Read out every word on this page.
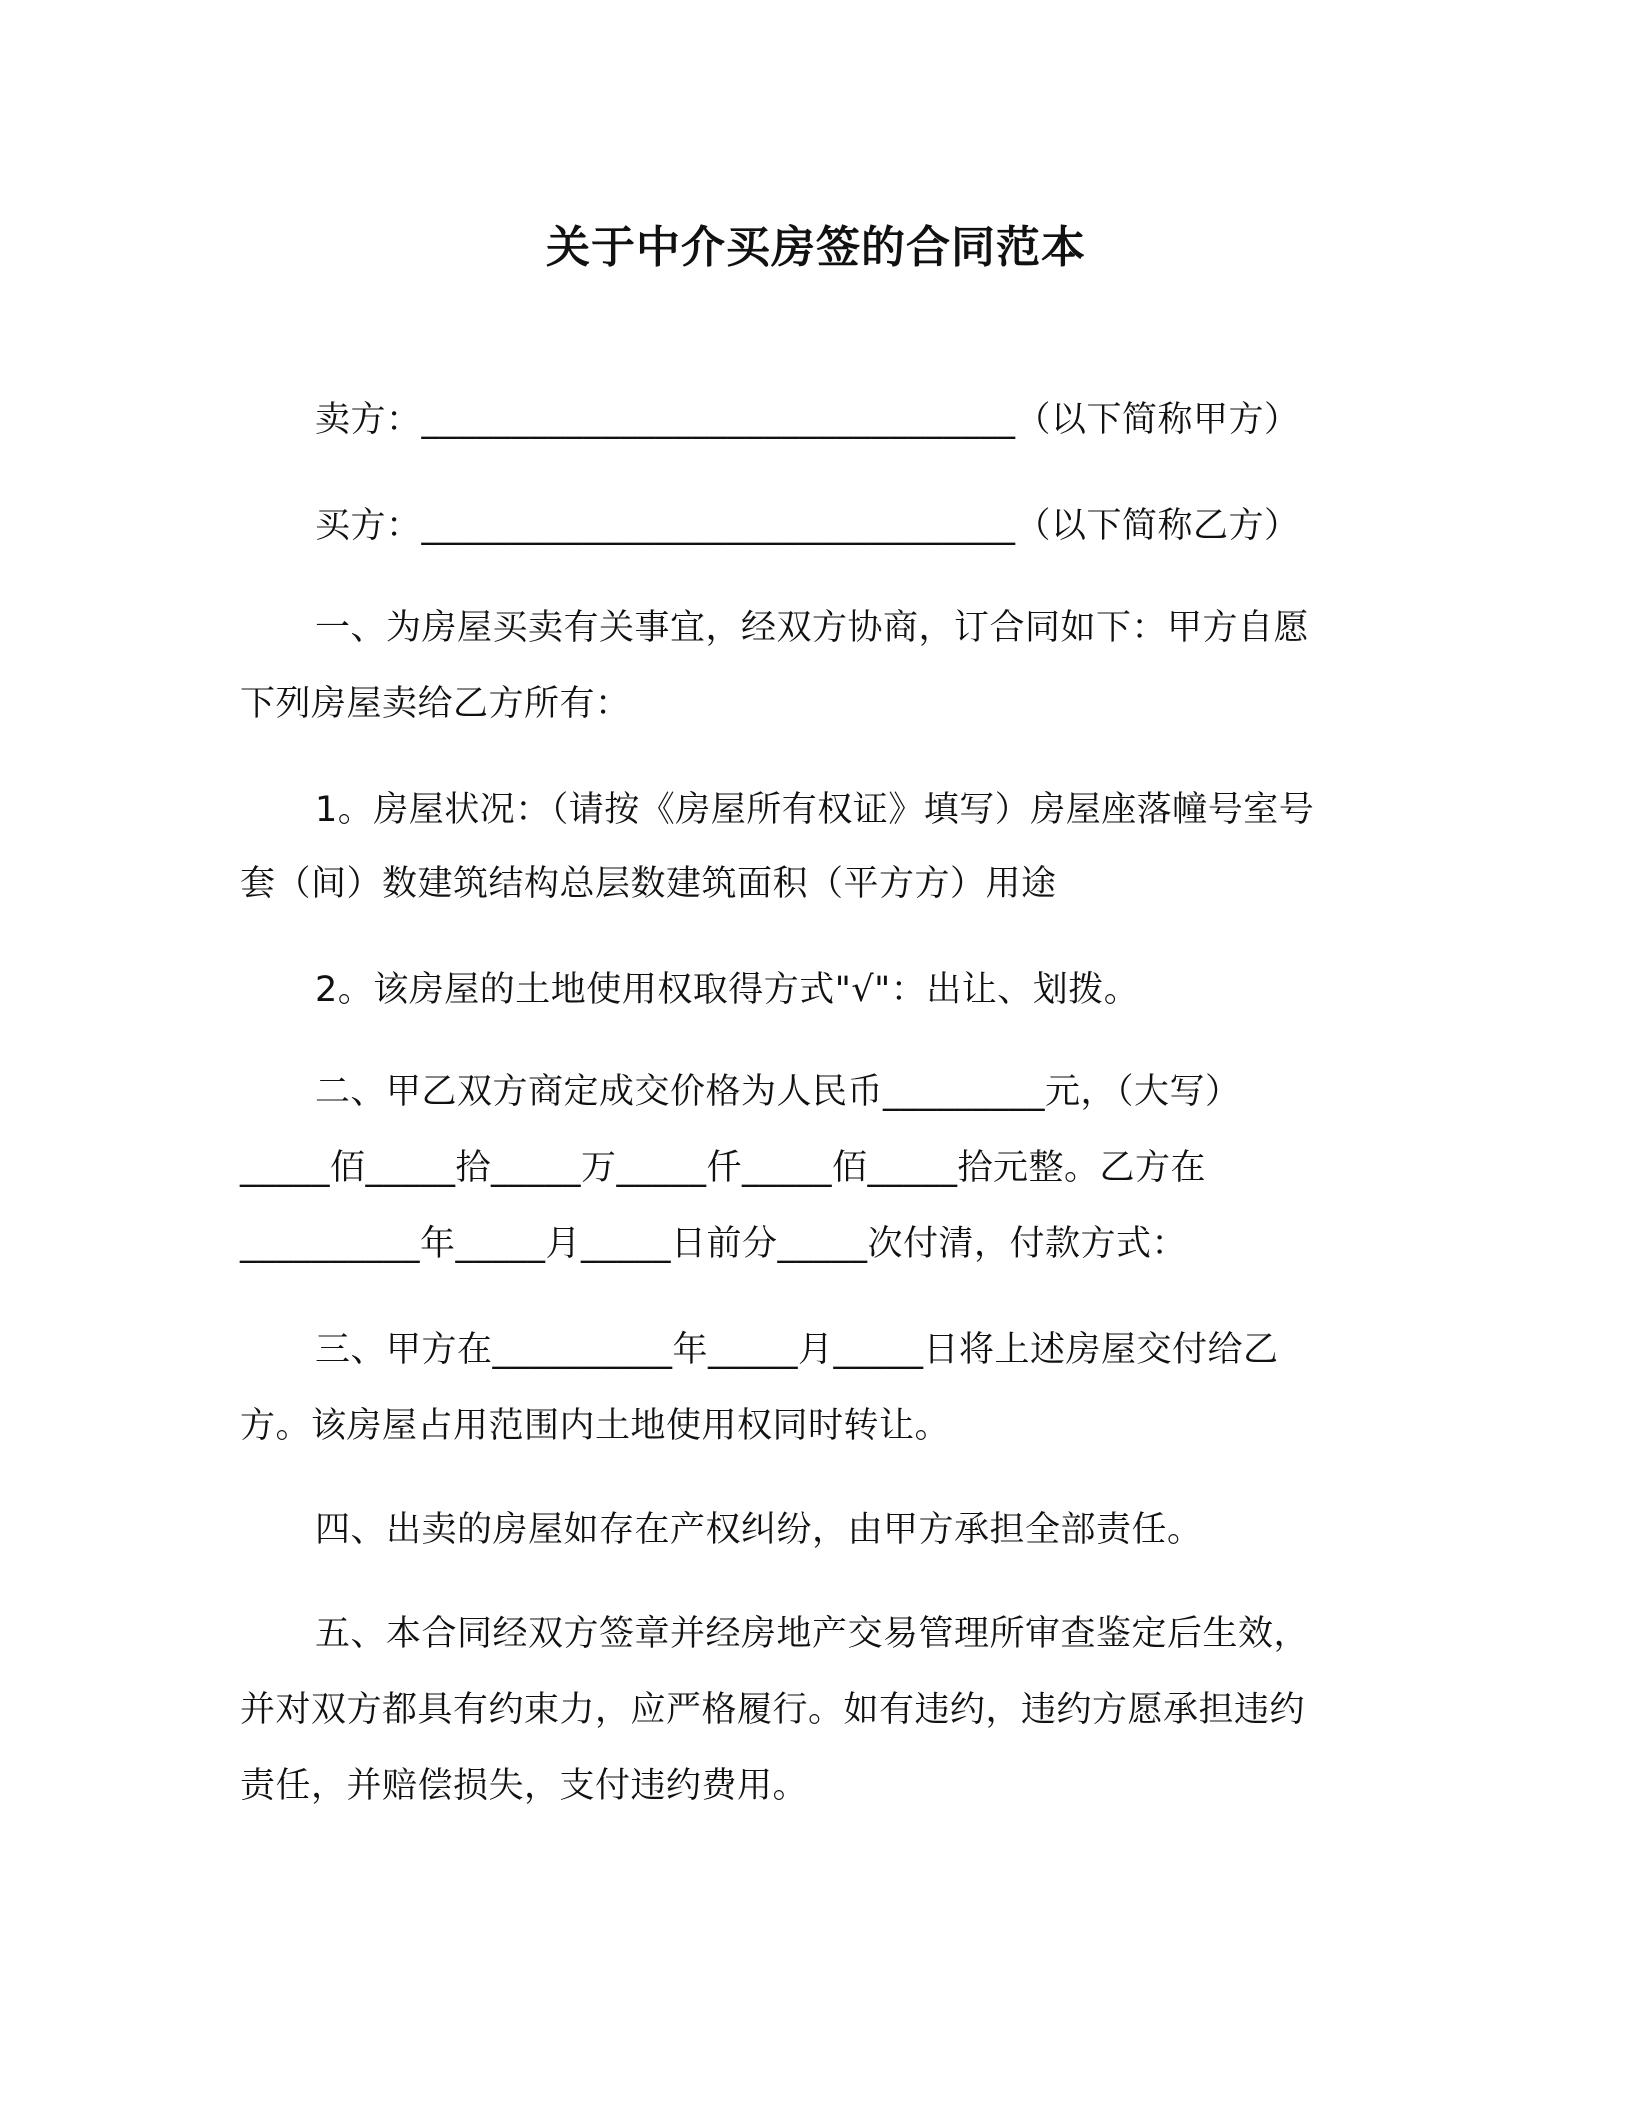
关于中介买房签的合同范本
卖方：_________________________________（以下简称甲方）
买方：_________________________________（以下简称乙方）
一、为房屋买卖有关事宜，经双方协商，订合同如下：甲方自愿
下列房屋卖给乙方所有：
1。房屋状况：（请按《房屋所有权证》填写）房屋座落幢号室号
套（间）数建筑结构总层数建筑面积（平方方）用途
2。该房屋的土地使用权取得方式"√"：出让、划拨。
二、甲乙双方商定成交价格为人民币_________元，（大写）
_____佰_____拾_____万_____仟_____佰_____拾元整。乙方在
__________年_____月_____日前分_____次付清，付款方式：
三、甲方在__________年_____月_____日将上述房屋交付给乙
方。该房屋占用范围内土地使用权同时转让。
四、出卖的房屋如存在产权纠纷，由甲方承担全部责任。
五、本合同经双方签章并经房地产交易管理所审查鉴定后生效，
并对双方都具有约束力，应严格履行。如有违约，违约方愿承担违约
责任，并赔偿损失，支付违约费用。
